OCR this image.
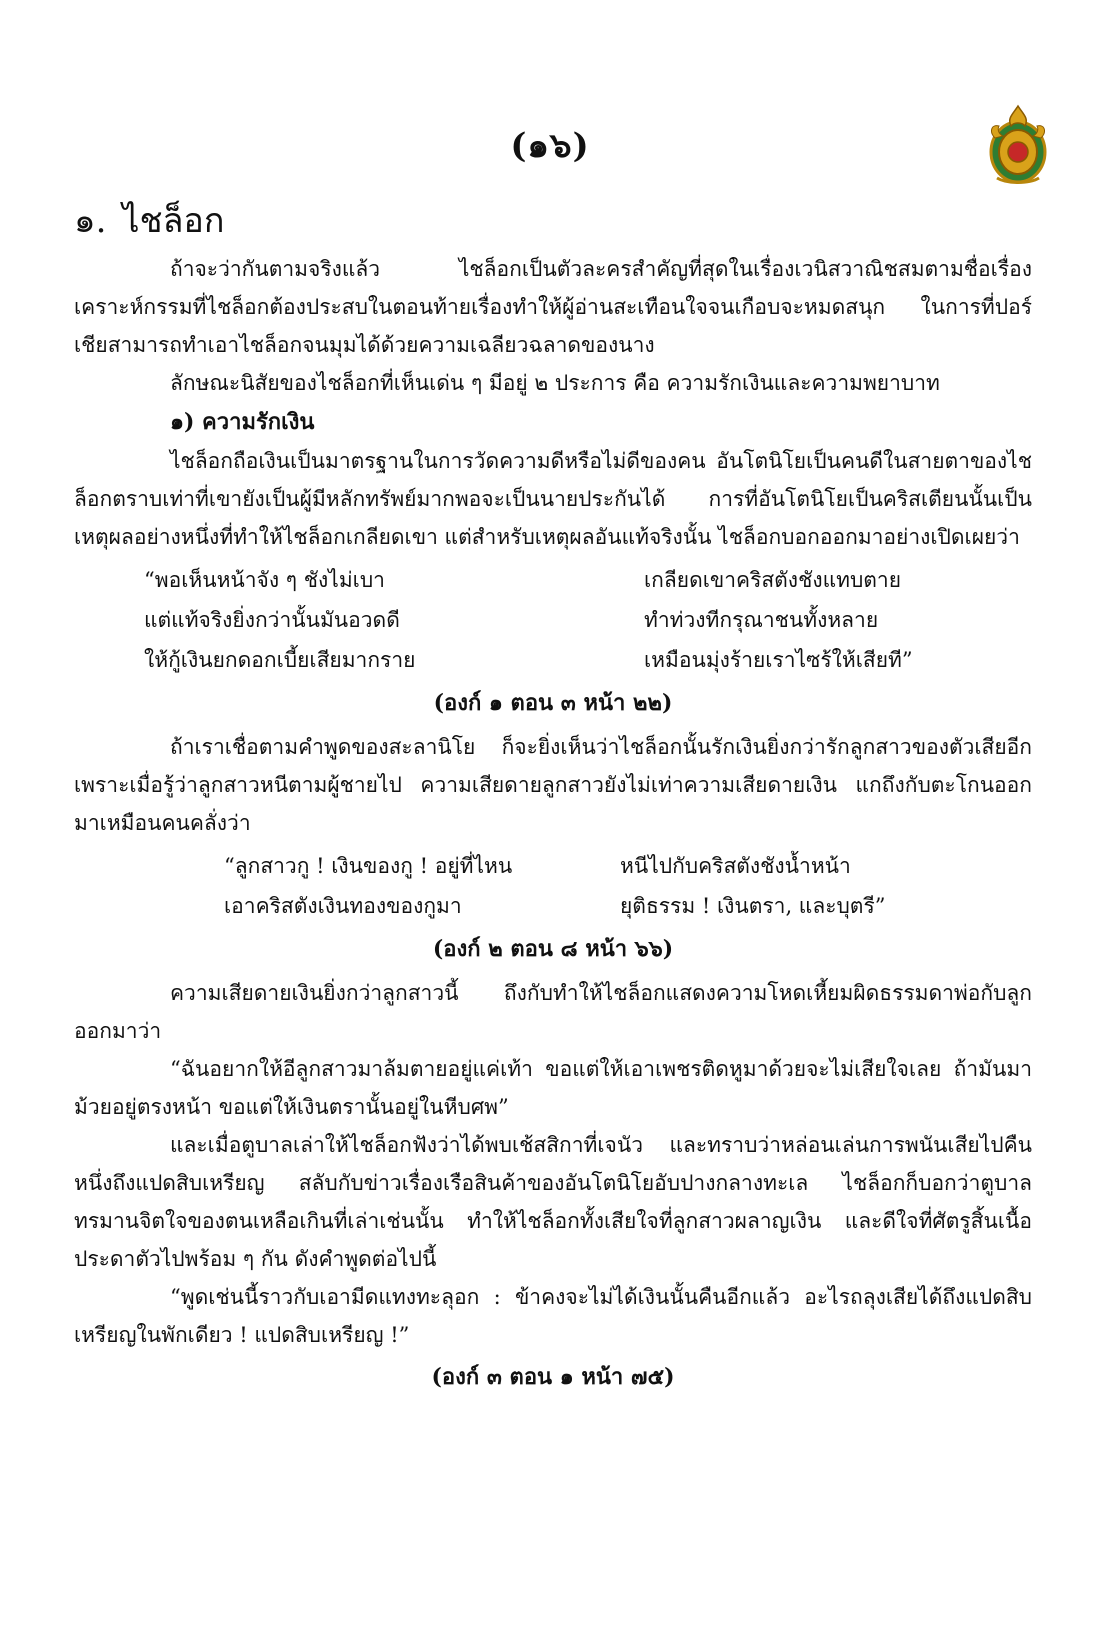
(๑๖)
๑. ไชล็อก

ถ้าจะว่ากันตามจริงแล้ว ไชล็อกเป็นตัวละครสำคัญที่สุดในเรื่องเวนิสวาณิชสมตามชื่อเรื่อง เคราะห์กรรมที่ไชล็อกต้องประสบในตอนท้ายเรื่องทำให้ผู้อ่านสะเทือนใจจนเกือบจะหมดสนุก ในการที่ปอร์เชียสามารถทำเอาไชล็อกจนมุมได้ด้วยความเฉลียวฉลาดของนาง

ลักษณะนิสัยของไชล็อกที่เห็นเด่น ๆ มีอยู่ ๒ ประการ คือ ความรักเงินและความพยาบาท

๑) ความรักเงิน

ไชล็อกถือเงินเป็นมาตรฐานในการวัดความดีหรือไม่ดีของคน อันโตนิโยเป็นคนดีในสายตาของไชล็อกตราบเท่าที่เขายังเป็นผู้มีหลักทรัพย์มากพอจะเป็นนายประกันได้ การที่อันโตนิโยเป็นคริสเตียนนั้นเป็นเหตุผลอย่างหนึ่งที่ทำให้ไชล็อกเกลียดเขา แต่สำหรับเหตุผลอันแท้จริงนั้น ไชล็อกบอกออกมาอย่างเปิดเผยว่า

“พอเห็นหน้าจัง ๆ ชังไม่เบา	เกลียดเขาคริสตังชังแทบตาย
แต่แท้จริงยิ่งกว่านั้นมันอวดดี	ทำท่วงทีกรุณาชนทั้งหลาย
ให้กู้เงินยกดอกเบี้ยเสียมากราย	เหมือนมุ่งร้ายเราไซร้ให้เสียที”
(องก์ ๑ ตอน ๓ หน้า ๒๒)

ถ้าเราเชื่อตามคำพูดของสะลานิโย ก็จะยิ่งเห็นว่าไชล็อกนั้นรักเงินยิ่งกว่ารักลูกสาวของตัวเสียอีก เพราะเมื่อรู้ว่าลูกสาวหนีตามผู้ชายไป ความเสียดายลูกสาวยังไม่เท่าความเสียดายเงิน แกถึงกับตะโกนออกมาเหมือนคนคลั่งว่า

“ลูกสาวกู ! เงินของกู ! อยู่ที่ไหน	หนีไปกับคริสตังชังน้ำหน้า
เอาคริสตังเงินทองของกูมา	ยุติธรรม ! เงินตรา, และบุตรี”
(องก์ ๒ ตอน ๘ หน้า ๖๖)

ความเสียดายเงินยิ่งกว่าลูกสาวนี้ ถึงกับทำให้ไชล็อกแสดงความโหดเหี้ยมผิดธรรมดาพ่อกับลูก ออกมาว่า

“ฉันอยากให้อีลูกสาวมาล้มตายอยู่แค่เท้า ขอแต่ให้เอาเพชรติดหูมาด้วยจะไม่เสียใจเลย ถ้ามันมาม้วยอยู่ตรงหน้า ขอแต่ให้เงินตรานั้นอยู่ในหีบศพ”

และเมื่อตูบาลเล่าให้ไชล็อกฟังว่าได้พบเช้สสิกาที่เจนัว และทราบว่าหล่อนเล่นการพนันเสียไปคืนหนึ่งถึงแปดสิบเหรียญ สลับกับข่าวเรื่องเรือสินค้าของอันโตนิโยอับปางกลางทะเล ไชล็อกก็บอกว่าตูบาลทรมานจิตใจของตนเหลือเกินที่เล่าเช่นนั้น ทำให้ไชล็อกทั้งเสียใจที่ลูกสาวผลาญเงิน และดีใจที่ศัตรูสิ้นเนื้อประดาตัวไปพร้อม ๆ กัน ดังคำพูดต่อไปนี้

“พูดเช่นนี้ราวกับเอามีดแทงทะลุอก : ข้าคงจะไม่ได้เงินนั้นคืนอีกแล้ว อะไรถลุงเสียได้ถึงแปดสิบเหรียญในพักเดียว ! แปดสิบเหรียญ !”

(องก์ ๓ ตอน ๑ หน้า ๗๕)
